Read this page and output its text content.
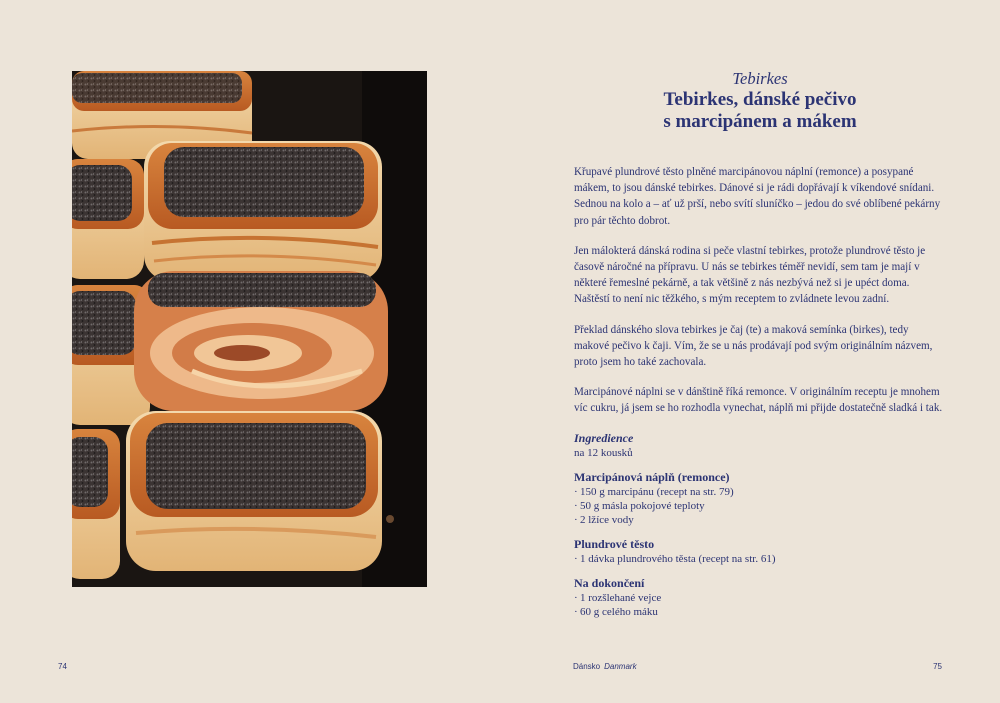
Tebirkes

Tebirkes, dánské pečivo
s marcipánem a mákem

Křupavé plundrové těsto plněné marcipánovou náplní (remonce) a posypané mákem, to jsou dánské tebirkes. Dánové si je rádi dopřávají k víkendové snídani. Sednou na kolo a – ať už prší, nebo svítí sluníčko – jedou do své oblíbené pekárny pro pár těchto dobrot.

Jen málokterá dánská rodina si peče vlastní tebirkes, protože plundrové těsto je časově náročné na přípravu. U nás se tebirkes téměř nevidí, sem tam je mají v některé řemeslné pekárně, a tak většině z nás nezbývá než si je upéct doma. Naštěstí to není nic těžkého, s mým receptem to zvládnete levou zadní.

Překlad dánského slova tebirkes je čaj (te) a maková semínka (birkes), tedy makové pečivo k čaji. Vím, že se u nás prodávají pod svým originálním názvem, proto jsem ho také zachovala.

Marcipánové náplni se v dánštině říká remonce. V originálním receptu je mnohem víc cukru, já jsem se ho rozhodla vynechat, náplň mi přijde dostatečně sladká i tak.

Ingredience

na 12 kousků

Marcipánová náplň (remonce)

· 150 g marcipánu (recept na str. 79)
· 50 g másla pokojové teploty
· 2 lžíce vody

Plundrové těsto

· 1 dávka plundrového těsta (recept na str. 61)

Na dokončení

· 1 rozšlehané vejce
· 60 g celého máku
74	Dánsko Danmark	75
